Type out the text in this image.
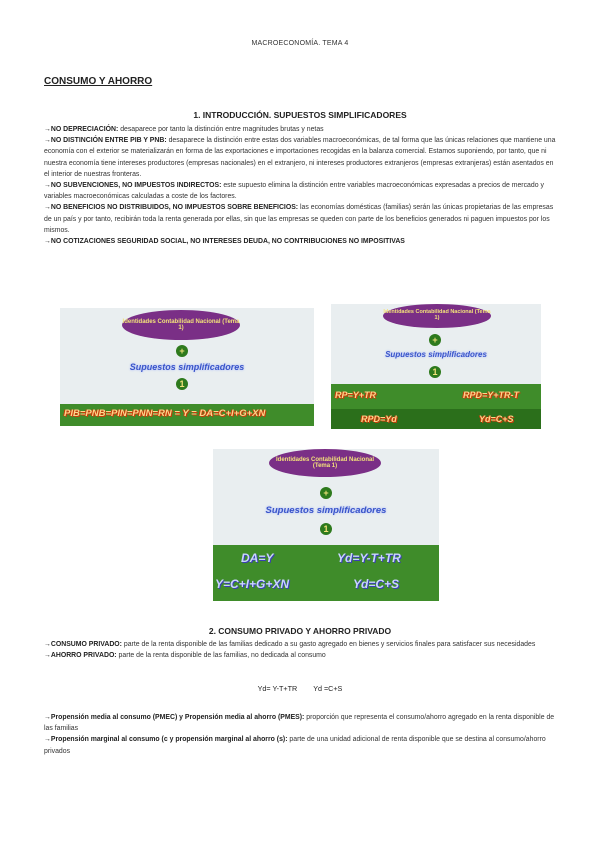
MACROECONOMÍA. TEMA 4
CONSUMO Y AHORRO
1. INTRODUCCIÓN. SUPUESTOS SIMPLIFICADORES
→NO DEPRECIACIÓN: desaparece por tanto la distinción entre magnitudes brutas y netas
→NO DISTINCIÓN ENTRE PIB Y PNB: desaparece la distinción entre estas dos variables macroeconómicas, de tal forma que las únicas relaciones que mantiene una economía con el exterior se materializarán en forma de las exportaciones e importaciones recogidas en la balanza comercial. Estamos suponiendo, por tanto, que ni nuestra economía tiene intereses productores (empresas nacionales) en el extranjero, ni intereses productores extranjeros (empresas extranjeras) están asentados en el interior de nuestras fronteras.
→NO SUBVENCIONES, NO IMPUESTOS INDIRECTOS: este supuesto elimina la distinción entre variables macroeconómicas expresadas a precios de mercado y variables macroeconómicas calculadas a coste de los factores.
→NO BENEFICIOS NO DISTRIBUIDOS, NO IMPUESTOS SOBRE BENEFICIOS: las economías domésticas (familias) serán las únicas propietarias de las empresas de un país y por tanto, recibirán toda la renta generada por ellas, sin que las empresas se queden con parte de los beneficios generados ni paguen impuestos por los mismos.
→NO COTIZACIONES SEGURIDAD SOCIAL, NO INTERESES DEUDA, NO CONTRIBUCIONES NO IMPOSITIVAS
Identidades Contabilidad Nacional (Tema 1)
+
Supuestos simplificadores
1
PIB=PNB=PIN=PNN=RN = Y = DA=C+I+G+XN
Identidades Contabilidad Nacional (Tema 1)
+
Supuestos simplificadores
1
RP=Y+TR	RPD=Y+TR-T
RPD=Yd	Yd=C+S
Identidades Contabilidad Nacional (Tema 1)
+
Supuestos simplificadores
1
DA=Y	Yd=Y-T+TR
Y=C+I+G+XN	Yd=C+S
2. CONSUMO PRIVADO Y AHORRO PRIVADO
→CONSUMO PRIVADO: parte de la renta disponible de las familias dedicado a su gasto agregado en bienes y servicios finales para satisfacer sus necesidades
→AHORRO PRIVADO: parte de la renta disponible de las familias, no dedicada al consumo
Yd= Y-T+TR Yd =C+S
→Propensión media al consumo (PMEC) y Propensión media al ahorro (PMES): proporción que representa el consumo/ahorro agregado en la renta disponible de las familias
→Propensión marginal al consumo (c y propensión marginal al ahorro (s): parte de una unidad adicional de renta disponible que se destina al consumo/ahorro privados
